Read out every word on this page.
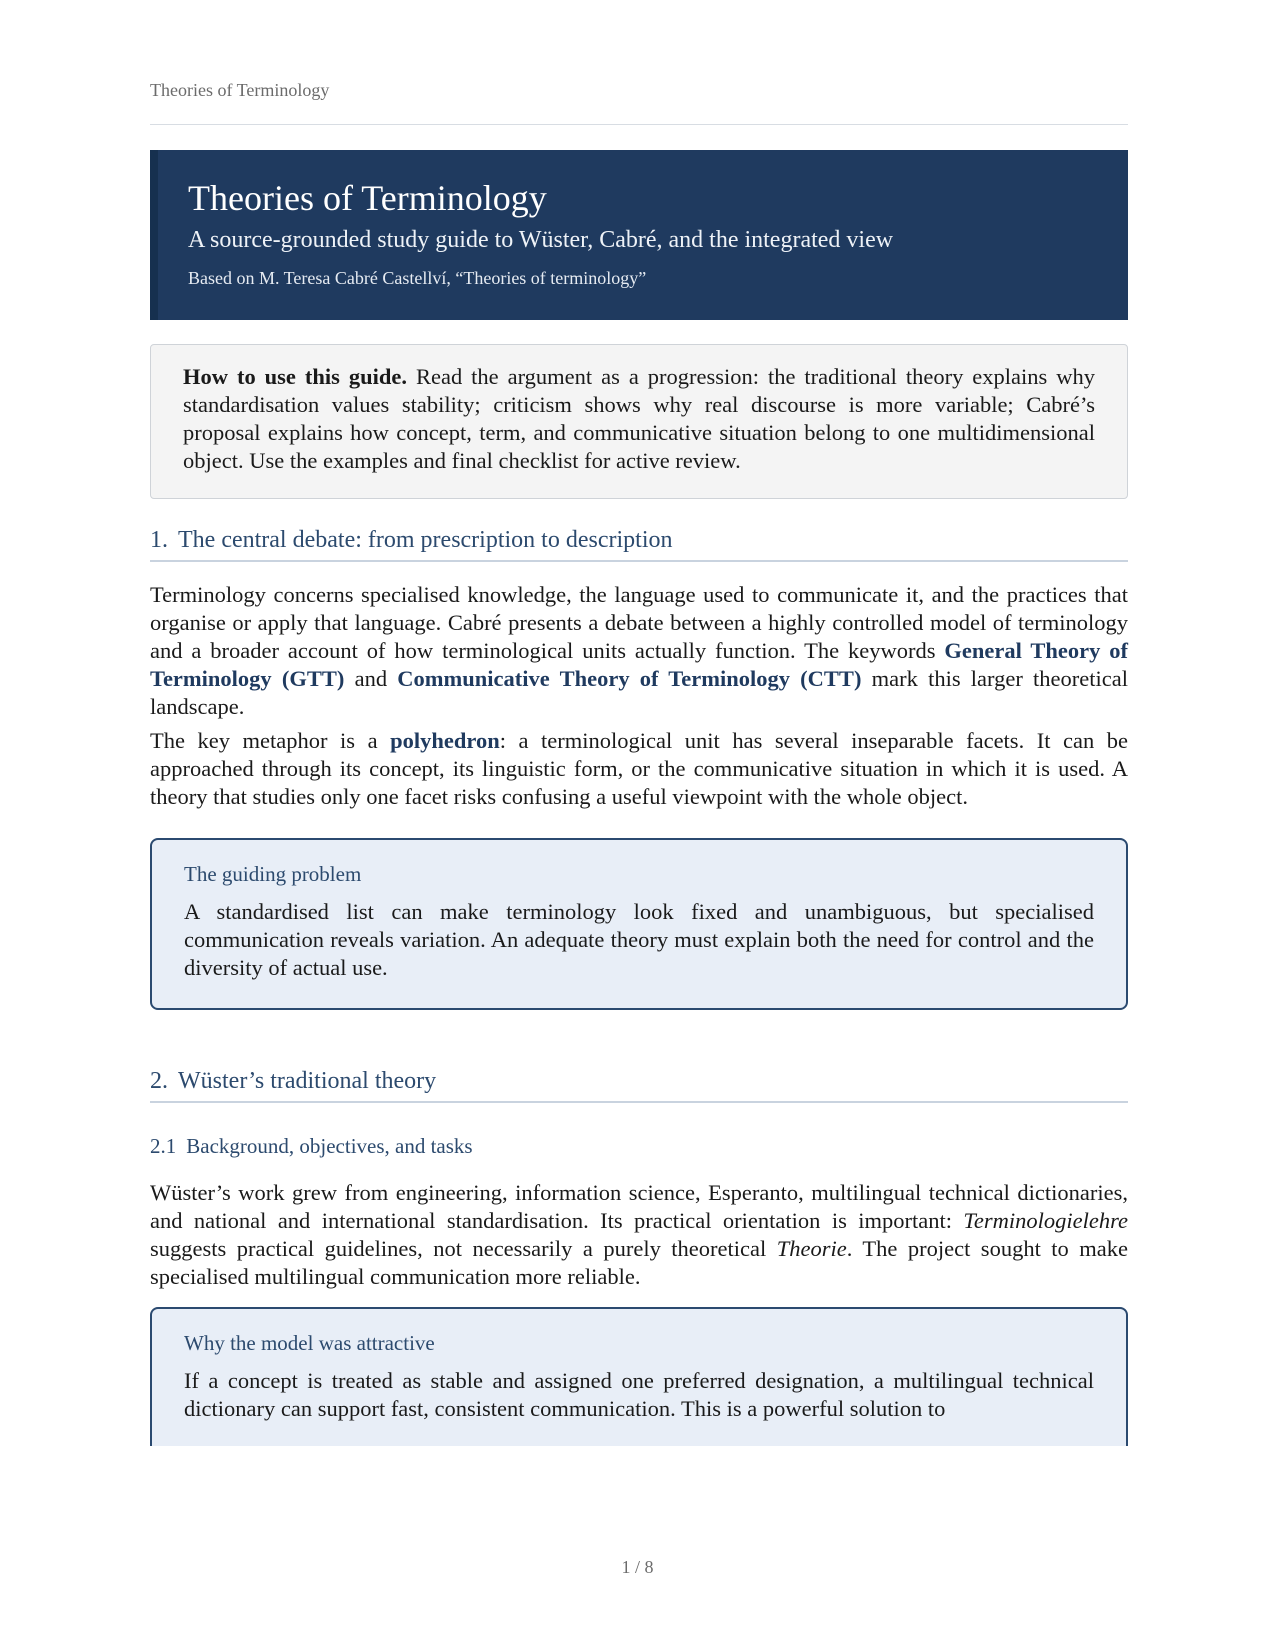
Theories of Terminology
Theories of Terminology
A source-grounded study guide to Wüster, Cabré, and the integrated view
Based on M. Teresa Cabré Castellví, “Theories of terminology”
How to use this guide. Read the argument as a progression: the traditional theory explains why standardisation values stability; criticism shows why real discourse is more variable; Cabré’s proposal explains how concept, term, and communicative situation belong to one multidimensional object. Use the examples and final checklist for active review.
1. The central debate: from prescription to description
Terminology concerns specialised knowledge, the language used to communicate it, and the practices that organise or apply that language. Cabré presents a debate between a highly controlled model of terminology and a broader account of how terminological units actually function. The keywords General Theory of Terminology (GTT) and Communicative Theory of Terminology (CTT) mark this larger theoretical landscape.
The key metaphor is a polyhedron: a terminological unit has several inseparable facets. It can be approached through its concept, its linguistic form, or the communicative situation in which it is used. A theory that studies only one facet risks confusing a useful viewpoint with the whole object.
The guiding problem
A standardised list can make terminology look fixed and unambiguous, but specialised communication reveals variation. An adequate theory must explain both the need for control and the diversity of actual use.
2. Wüster’s traditional theory
2.1 Background, objectives, and tasks
Wüster’s work grew from engineering, information science, Esperanto, multilingual technical dictionaries, and national and international standardisation. Its practical orientation is important: Terminologielehre suggests practical guidelines, not necessarily a purely theoretical Theorie. The project sought to make specialised multilingual communication more reliable.
Why the model was attractive
If a concept is treated as stable and assigned one preferred designation, a multilingual technical dictionary can support fast, consistent communication. This is a powerful solution to
1 / 8
